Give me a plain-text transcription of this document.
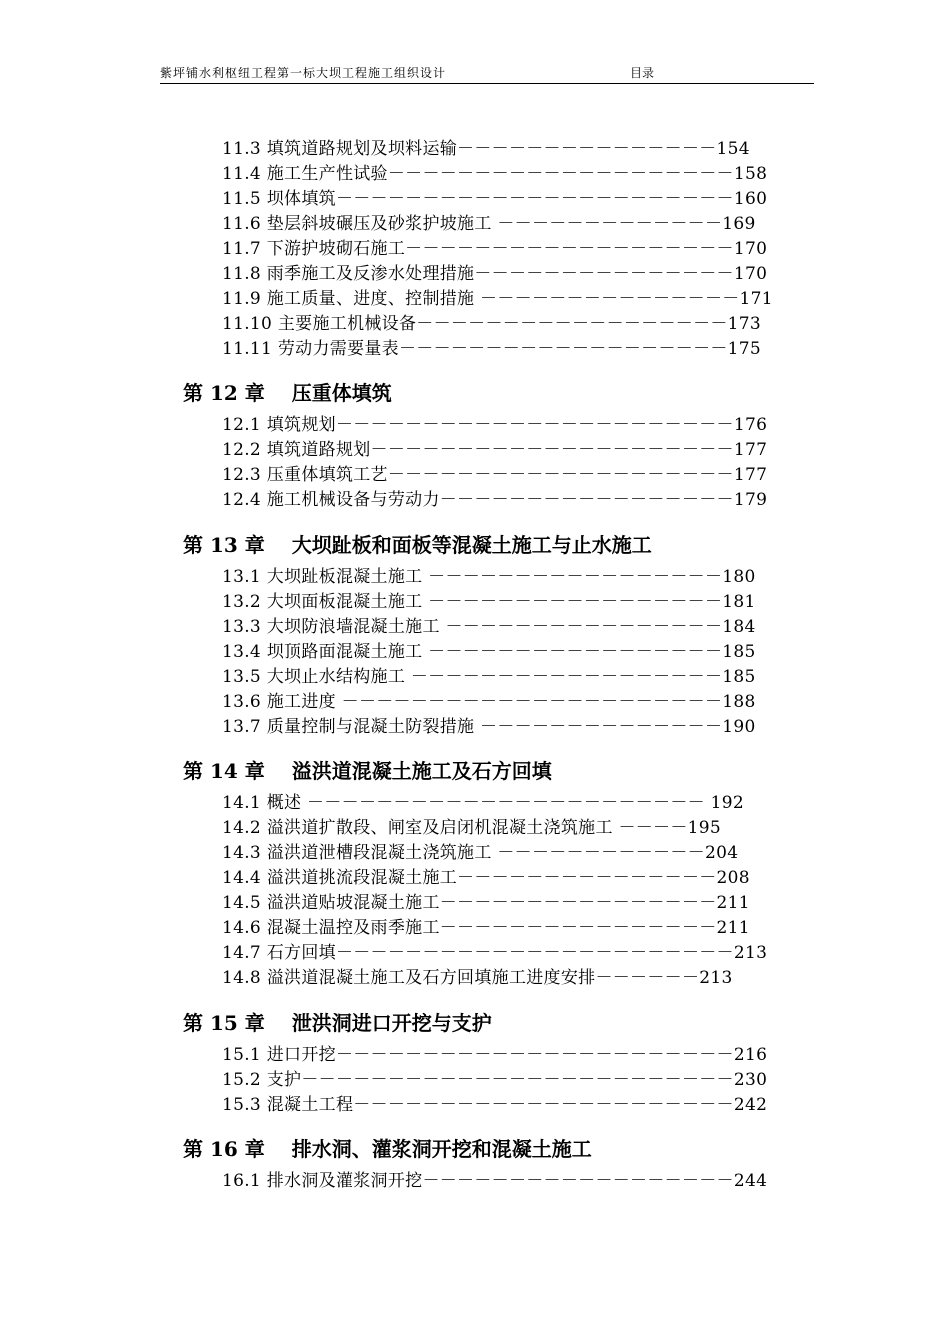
紫坪铺水利枢纽工程第一标大坝工程施工组织设计	目录
11.3 填筑道路规划及坝料运输－－－－－－－－－－－－－－－154
11.4 施工生产性试验－－－－－－－－－－－－－－－－－－－－158
11.5 坝体填筑－－－－－－－－－－－－－－－－－－－－－－－160
11.6 垫层斜坡碾压及砂浆护坡施工 －－－－－－－－－－－－－169
11.7 下游护坡砌石施工－－－－－－－－－－－－－－－－－－－170
11.8 雨季施工及反渗水处理措施－－－－－－－－－－－－－－－170
11.9 施工质量、进度、控制措施 －－－－－－－－－－－－－－－171
11.10 主要施工机械设备－－－－－－－－－－－－－－－－－－173
11.11 劳动力需要量表－－－－－－－－－－－－－－－－－－－175
第 12 章　 压重体填筑
12.1 填筑规划－－－－－－－－－－－－－－－－－－－－－－－176
12.2 填筑道路规划－－－－－－－－－－－－－－－－－－－－－177
12.3 压重体填筑工艺－－－－－－－－－－－－－－－－－－－－177
12.4 施工机械设备与劳动力－－－－－－－－－－－－－－－－－179
第 13 章　 大坝趾板和面板等混凝土施工与止水施工
13.1 大坝趾板混凝土施工 －－－－－－－－－－－－－－－－－180
13.2 大坝面板混凝土施工 －－－－－－－－－－－－－－－－－181
13.3 大坝防浪墙混凝土施工 －－－－－－－－－－－－－－－－184
13.4 坝顶路面混凝土施工 －－－－－－－－－－－－－－－－－185
13.5 大坝止水结构施工 －－－－－－－－－－－－－－－－－－185
13.6 施工进度 －－－－－－－－－－－－－－－－－－－－－－188
13.7 质量控制与混凝土防裂措施 －－－－－－－－－－－－－－190
第 14 章　 溢洪道混凝土施工及石方回填
14.1 概述 －－－－－－－－－－－－－－－－－－－－－－－ 192
14.2 溢洪道扩散段、闸室及启闭机混凝土浇筑施工 －－－－195
14.3 溢洪道泄槽段混凝土浇筑施工 －－－－－－－－－－－－204
14.4 溢洪道挑流段混凝土施工－－－－－－－－－－－－－－－208
14.5 溢洪道贴坡混凝土施工－－－－－－－－－－－－－－－－211
14.6 混凝土温控及雨季施工－－－－－－－－－－－－－－－－211
14.7 石方回填－－－－－－－－－－－－－－－－－－－－－－－213
14.8 溢洪道混凝土施工及石方回填施工进度安排－－－－－－213
第 15 章　 泄洪洞进口开挖与支护
15.1 进口开挖－－－－－－－－－－－－－－－－－－－－－－－216
15.2 支护－－－－－－－－－－－－－－－－－－－－－－－－－230
15.3 混凝土工程－－－－－－－－－－－－－－－－－－－－－－242
第 16 章　 排水洞、灌浆洞开挖和混凝土施工
16.1 排水洞及灌浆洞开挖－－－－－－－－－－－－－－－－－－244
